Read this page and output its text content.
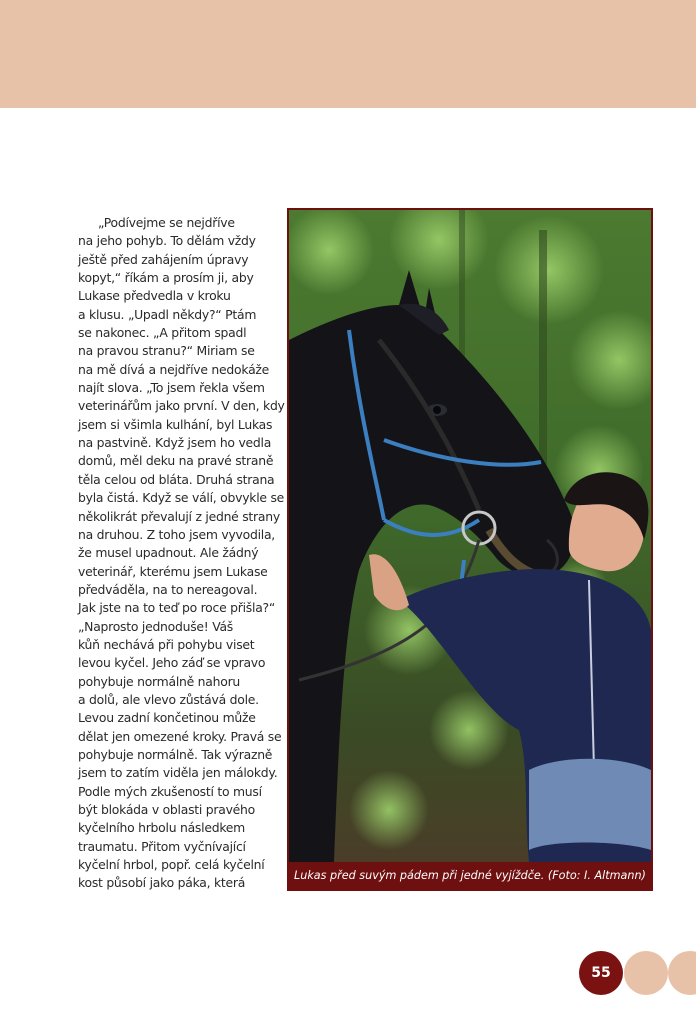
„Podívejme se nejdříve
na jeho pohyb. To dělám vždy
ještě před zahájením úpravy
kopyt,“ říkám a prosím ji, aby
Lukase předvedla v kroku
a klusu. „Upadl někdy?“ Ptám
se nakonec. „A přitom spadl
na pravou stranu?“ Miriam se
na mě dívá a nejdříve nedokáže
najít slova. „To jsem řekla všem
veterinářům jako první. V den, kdy
jsem si všimla kulhání, byl Lukas
na pastvině. Když jsem ho vedla
domů, měl deku na pravé straně
těla celou od bláta. Druhá strana
byla čistá. Když se válí, obvykle se
několikrát převalují z jedné strany
na druhou. Z toho jsem vyvodila,
že musel upadnout. Ale žádný
veterinář, kterému jsem Lukase
předváděla, na to nereagoval.
Jak jste na to teď po roce přišla?“
„Naprosto jednoduše! Váš
kůň nechává při pohybu viset
levou kyčel. Jeho záď se vpravo
pohybuje normálně nahoru
a dolů, ale vlevo zůstává dole.
Levou zadní končetinou může
dělat jen omezené kroky. Pravá se
pohybuje normálně. Tak výrazně
jsem to zatím viděla jen málokdy.
Podle mých zkušeností to musí
být blokáda v oblasti pravého
kyčelního hrbolu následkem
traumatu. Přitom vyčnívající
kyčelní hrbol, popř. celá kyčelní
kost působí jako páka, která	Lukas před suvým pádem při jedné vyjíždče. (Foto: I. Altmann)
55
